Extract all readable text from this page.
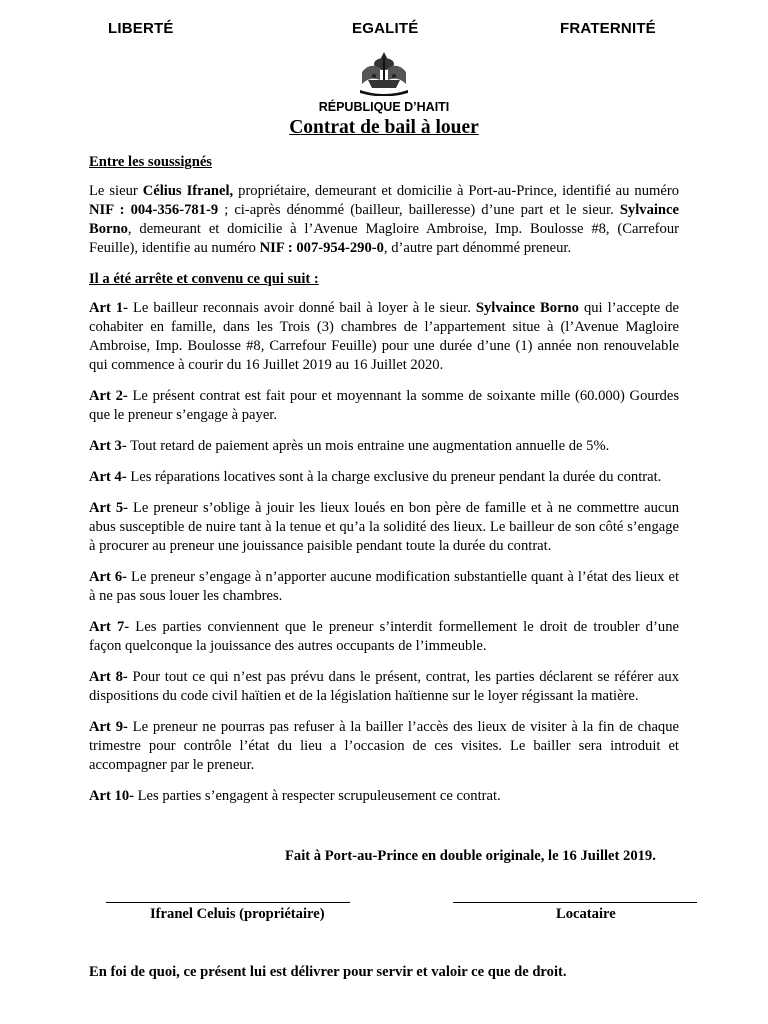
LIBERTÉ	EGALITÉ	FRATERNITÉ
RÉPUBLIQUE D’HAITI
Contrat de bail à louer

Entre les soussignés

Le sieur Célius Ifranel, propriétaire, demeurant et domicilie à Port-au-Prince, identifié au numéro NIF : 004-356-781-9 ; ci-après dénommé (bailleur, bailleresse) d’une part et le sieur. Sylvaince Borno, demeurant et domicilie à l’Avenue Magloire Ambroise, Imp. Boulosse #8, (Carrefour Feuille), identifie au numéro NIF : 007-954-290-0, d’autre part dénommé preneur.

Il a été arrête et convenu ce qui suit :

Art 1- Le bailleur reconnais avoir donné bail à loyer à le sieur. Sylvaince Borno qui l’accepte de cohabiter en famille, dans les Trois (3) chambres de l’appartement situe à (l’Avenue Magloire Ambroise, Imp. Boulosse #8, Carrefour Feuille) pour une durée d’une (1) année non renouvelable qui commence à courir du 16 Juillet 2019 au 16 Juillet 2020.

Art 2- Le présent contrat est fait pour et moyennant la somme de soixante mille (60.000) Gourdes que le preneur s’engage à payer.

Art 3- Tout retard de paiement après un mois entraine une augmentation annuelle de 5%.

Art 4- Les réparations locatives sont à la charge exclusive du preneur pendant la durée du contrat.

Art 5- Le preneur s’oblige à jouir les lieux loués en bon père de famille et à ne commettre aucun abus susceptible de nuire tant à la tenue et qu’a la solidité des lieux. Le bailleur de son côté s’engage à procurer au preneur une jouissance paisible pendant toute la durée du contrat.

Art 6- Le preneur s’engage à n’apporter aucune modification substantielle quant à l’état des lieux et à ne pas sous louer les chambres.

Art 7- Les parties conviennent que le preneur s’interdit formellement le droit de troubler d’une façon quelconque la jouissance des autres occupants de l’immeuble.

Art 8- Pour tout ce qui n’est pas prévu dans le présent, contrat, les parties déclarent se référer aux dispositions du code civil haïtien et de la législation haïtienne sur le loyer régissant la matière.

Art 9- Le preneur ne pourras pas refuser à la bailler l’accès des lieux de visiter à la fin de chaque trimestre pour contrôle l’état du lieu a l’occasion de ces visites. Le bailler sera introduit et accompagner par le preneur.

Art 10- Les parties s’engagent à respecter scrupuleusement ce contrat.

Fait à Port-au-Prince en double originale, le 16 Juillet 2019.
Ifranel Celuis (propriétaire)	Locataire
En foi de quoi, ce présent lui est délivrer pour servir et valoir ce que de droit.
